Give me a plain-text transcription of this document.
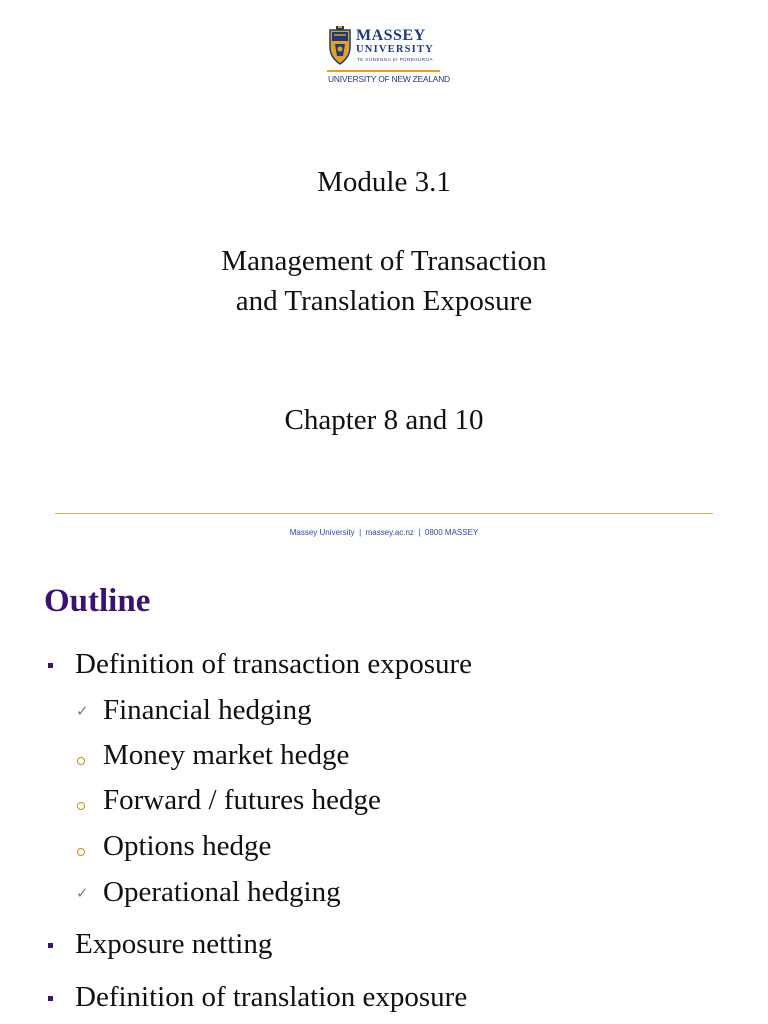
MASSEY
UNIVERSITY
TE KUNENGA KI PŪREHUROA
UNIVERSITY OF NEW ZEALAND
Module 3.1
Management of Transaction
and Translation Exposure
Chapter 8 and 10
Massey University  |  massey.ac.nz  |  0800 MASSEY
Outline
Definition of transaction exposure
✓ Financial hedging
Money market hedge
Forward / futures hedge
Options hedge
✓ Operational hedging
Exposure netting
Definition of translation exposure
